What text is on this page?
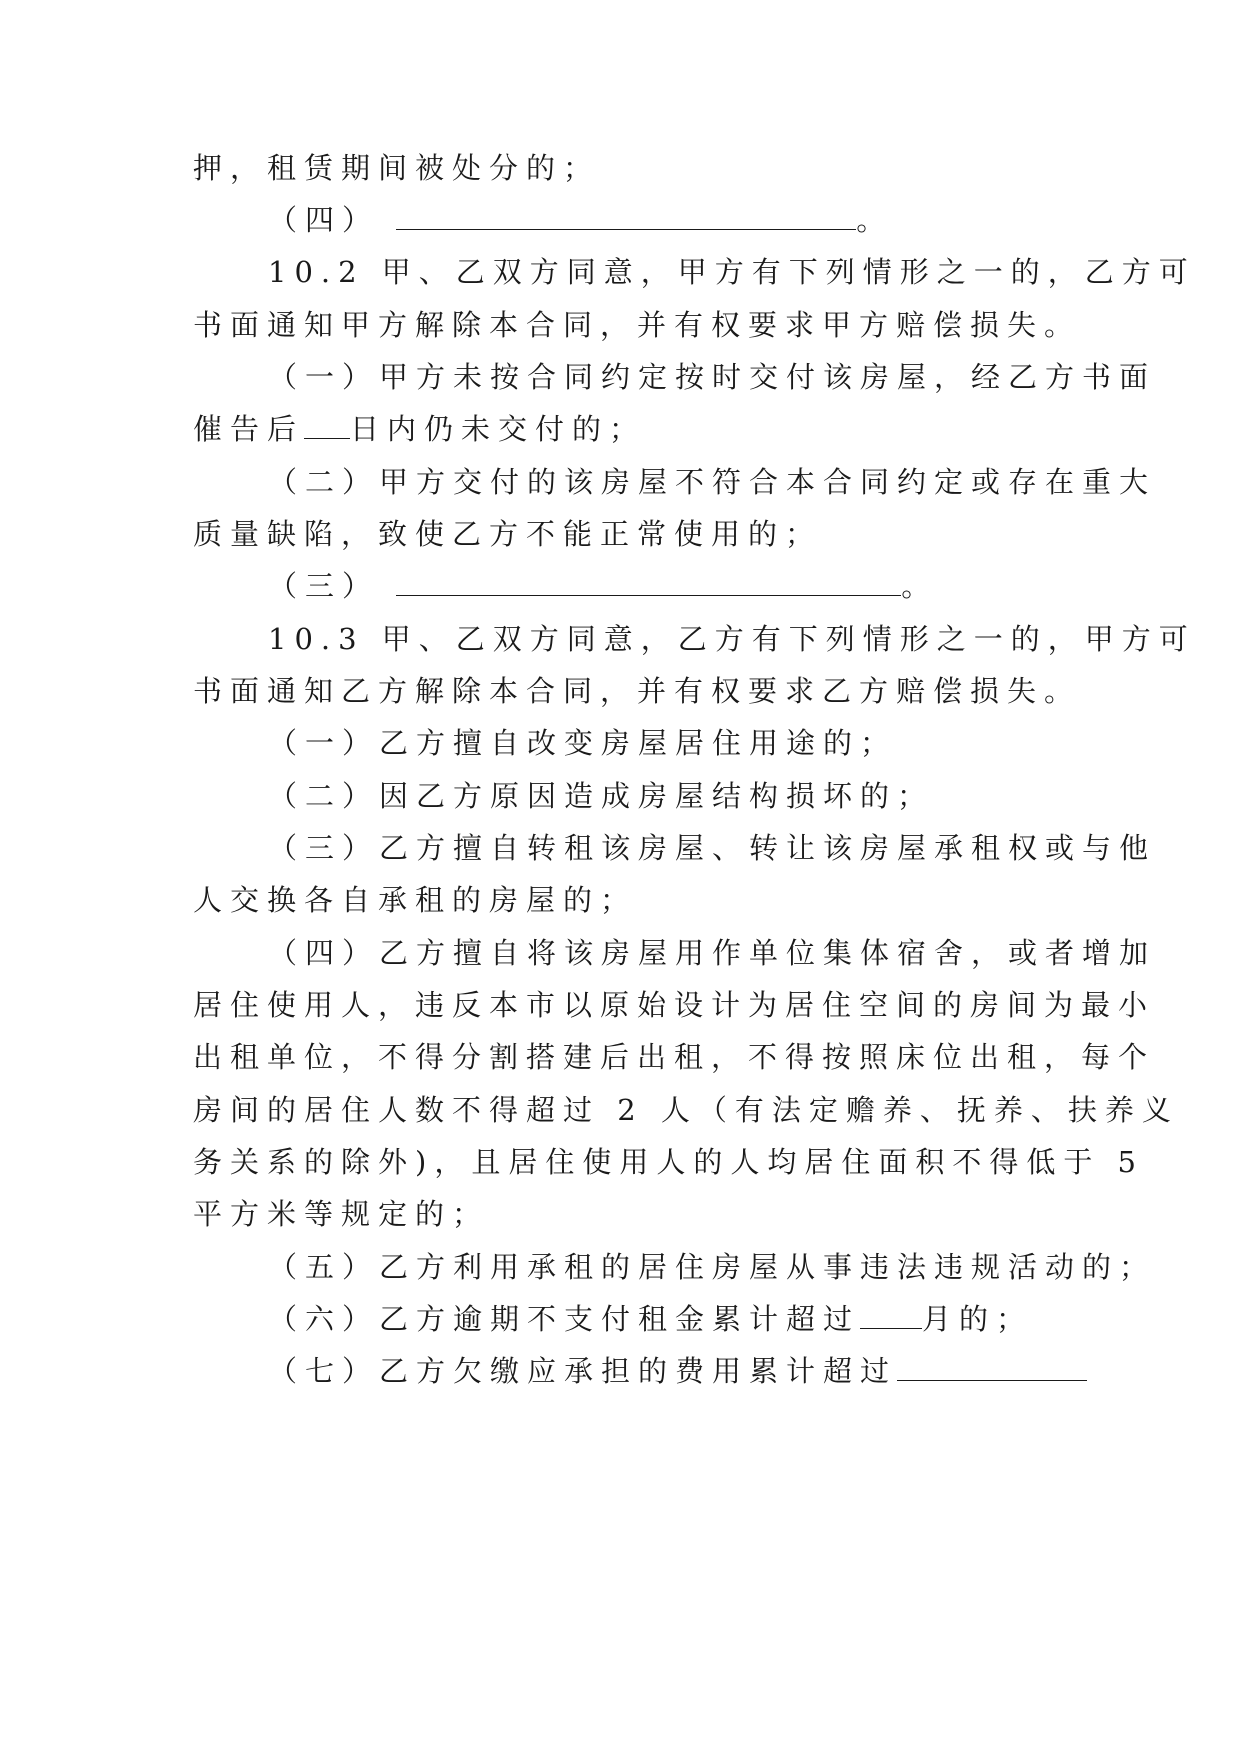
押，租赁期间被处分的；
（四）	。
10.2 甲、乙双方同意，甲方有下列情形之一的，乙方可
书面通知甲方解除本合同，并有权要求甲方赔偿损失。
（一）甲方未按合同约定按时交付该房屋，经乙方书面
催告后 日内仍未交付的；
（二）甲方交付的该房屋不符合本合同约定或存在重大
质量缺陷，致使乙方不能正常使用的；
（三）	。
10.3 甲、乙双方同意，乙方有下列情形之一的，甲方可
书面通知乙方解除本合同，并有权要求乙方赔偿损失。
（一）乙方擅自改变房屋居住用途的；
（二）因乙方原因造成房屋结构损坏的；
（三）乙方擅自转租该房屋、转让该房屋承租权或与他
人交换各自承租的房屋的；
（四）乙方擅自将该房屋用作单位集体宿舍，或者增加
居住使用人，违反本市以原始设计为居住空间的房间为最小
出租单位，不得分割搭建后出租，不得按照床位出租，每个
房间的居住人数不得超过 2 人（有法定赡养、抚养、扶养义
务关系的除外)，且居住使用人的人均居住面积不得低于 5
平方米等规定的；
（五）乙方利用承租的居住房屋从事违法违规活动的；
（六）乙方逾期不支付租金累计超过 月的；
（七）乙方欠缴应承担的费用累计超过
